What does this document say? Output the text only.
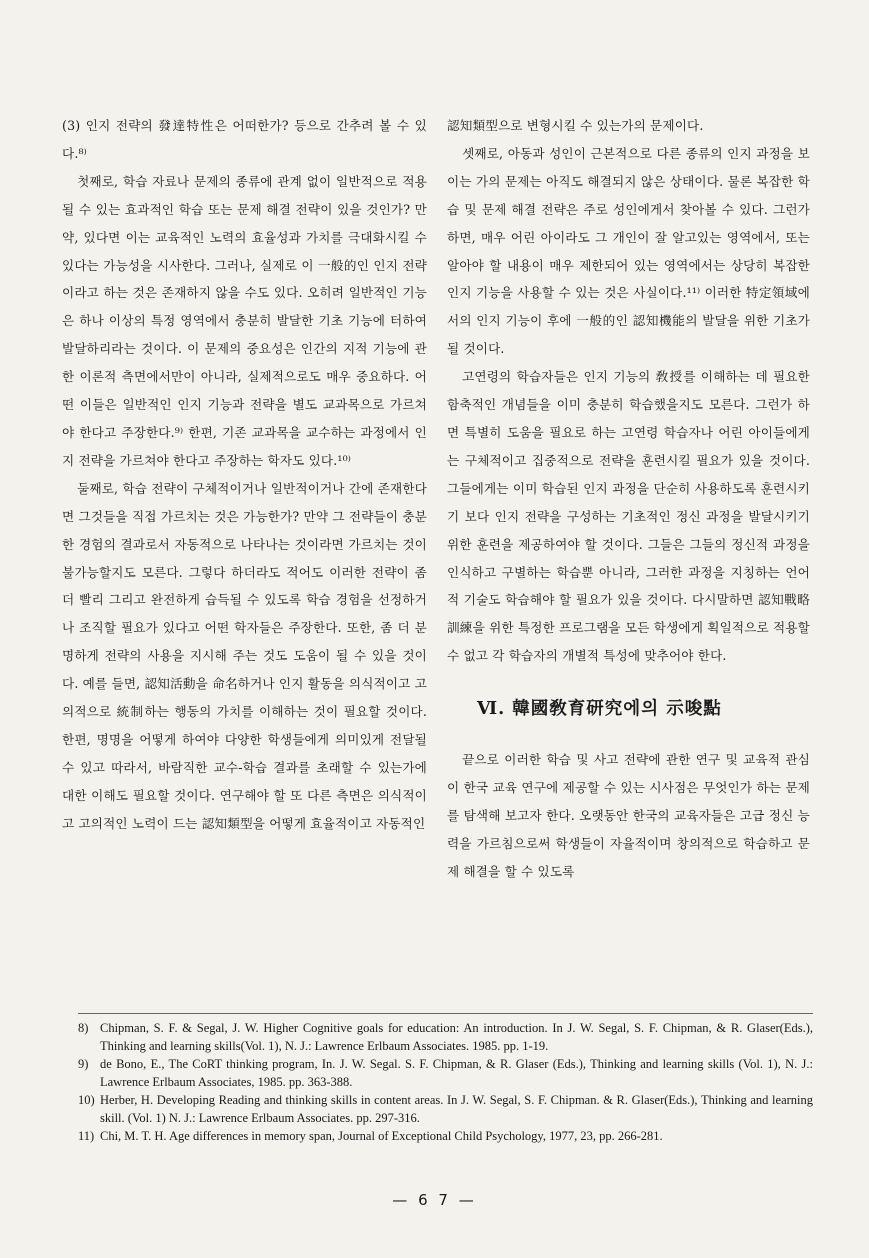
(3) 인지 전략의 發達特性은 어떠한가? 등으로 간추려 볼 수 있다.⁸⁾

첫째로, 학습 자료나 문제의 종류에 관계 없이 일반적으로 적용될 수 있는 효과적인 학습 또는 문제 해결 전략이 있을 것인가? 만약, 있다면 이는 교육적인 노력의 효율성과 가치를 극대화시킬 수 있다는 가능성을 시사한다. 그러나, 실제로 이 一般的인 인지 전략이라고 하는 것은 존재하지 않을 수도 있다. 오히려 일반적인 기능은 하나 이상의 특정 영역에서 충분히 발달한 기초 기능에 터하여 발달하리라는 것이다. 이 문제의 중요성은 인간의 지적 기능에 관한 이론적 측면에서만이 아니라, 실제적으로도 매우 중요하다. 어떤 이들은 일반적인 인지 기능과 전략을 별도 교과목으로 가르쳐야 한다고 주장한다.⁹⁾ 한편, 기존 교과목을 교수하는 과정에서 인지 전략을 가르쳐야 한다고 주장하는 학자도 있다.¹⁰⁾

둘째로, 학습 전략이 구체적이거나 일반적이거나 간에 존재한다면 그것들을 직접 가르치는 것은 가능한가? 만약 그 전략들이 충분한 경험의 결과로서 자동적으로 나타나는 것이라면 가르치는 것이 불가능할지도 모른다. 그렇다 하더라도 적어도 이러한 전략이 좀 더 빨리 그리고 완전하게 습득될 수 있도록 학습 경험을 선정하거나 조직할 필요가 있다고 어떤 학자들은 주장한다. 또한, 좀 더 분명하게 전략의 사용을 지시해 주는 것도 도움이 될 수 있을 것이다. 예를 들면, 認知活動을 命名하거나 인지 활동을 의식적이고 고의적으로 統制하는 행동의 가치를 이해하는 것이 필요할 것이다. 한편, 명명을 어떻게 하여야 다양한 학생들에게 의미있게 전달될 수 있고 따라서, 바람직한 교수-학습 결과를 초래할 수 있는가에 대한 이해도 필요할 것이다. 연구해야 할 또 다른 측면은 의식적이고 고의적인 노력이 드는 認知類型을 어떻게 효율적이고 자동적인

認知類型으로 변형시킬 수 있는가의 문제이다.

셋째로, 아동과 성인이 근본적으로 다른 종류의 인지 과정을 보이는 가의 문제는 아직도 해결되지 않은 상태이다. 물론 복잡한 학습 및 문제 해결 전략은 주로 성인에게서 찾아볼 수 있다. 그런가하면, 매우 어린 아이라도 그 개인이 잘 알고있는 영역에서, 또는 알아야 할 내용이 매우 제한되어 있는 영역에서는 상당히 복잡한 인지 기능을 사용할 수 있는 것은 사실이다.¹¹⁾ 이러한 特定領域에서의 인지 기능이 후에 一般的인 認知機能의 발달을 위한 기초가 될 것이다.

고연령의 학습자들은 인지 기능의 敎授를 이해하는 데 필요한 함축적인 개념들을 이미 충분히 학습했을지도 모른다. 그런가 하면 특별히 도움을 필요로 하는 고연령 학습자나 어린 아이들에게는 구체적이고 집중적으로 전략을 훈련시킬 필요가 있을 것이다. 그들에게는 이미 학습된 인지 과정을 단순히 사용하도록 훈련시키기 보다 인지 전략을 구성하는 기초적인 정신 과정을 발달시키기 위한 훈련을 제공하여야 할 것이다. 그들은 그들의 정신적 과정을 인식하고 구별하는 학습뿐 아니라, 그러한 과정을 지칭하는 언어적 기술도 학습해야 할 필요가 있을 것이다. 다시말하면 認知戰略訓練을 위한 특정한 프로그램을 모든 학생에게 획일적으로 적용할 수 없고 각 학습자의 개별적 특성에 맞추어야 한다.

Ⅵ. 韓國敎育研究에의 示唆點

끝으로 이러한 학습 및 사고 전략에 관한 연구 및 교육적 관심이 한국 교육 연구에 제공할 수 있는 시사점은 무엇인가 하는 문제를 탐색해 보고자 한다. 오랫동안 한국의 교육자들은 고급 정신 능력을 가르침으로써 학생들이 자율적이며 창의적으로 학습하고 문제 해결을 할 수 있도록

8) Chipman, S. F. & Segal, J. W. Higher Cognitive goals for education: An introduction. In J. W. Segal, S. F. Chipman, & R. Glaser(Eds.), Thinking and learning skills(Vol. 1), N. J.: Lawrence Erlbaum Associates. 1985. pp. 1-19.
9) de Bono, E., The CoRT thinking program, In. J. W. Segal. S. F. Chipman, & R. Glaser (Eds.), Thinking and learning skills (Vol. 1), N. J.: Lawrence Erlbaum Associates, 1985. pp. 363-388.
10) Herber, H. Developing Reading and thinking skills in content areas. In J. W. Segal, S. F. Chipman. & R. Glaser(Eds.), Thinking and learning skill. (Vol. 1) N. J.: Lawrence Erlbaum Associates. pp. 297-316.
11) Chi, M. T. H. Age differences in memory span, Journal of Exceptional Child Psychology, 1977, 23, pp. 266-281.
— 6 7 —
